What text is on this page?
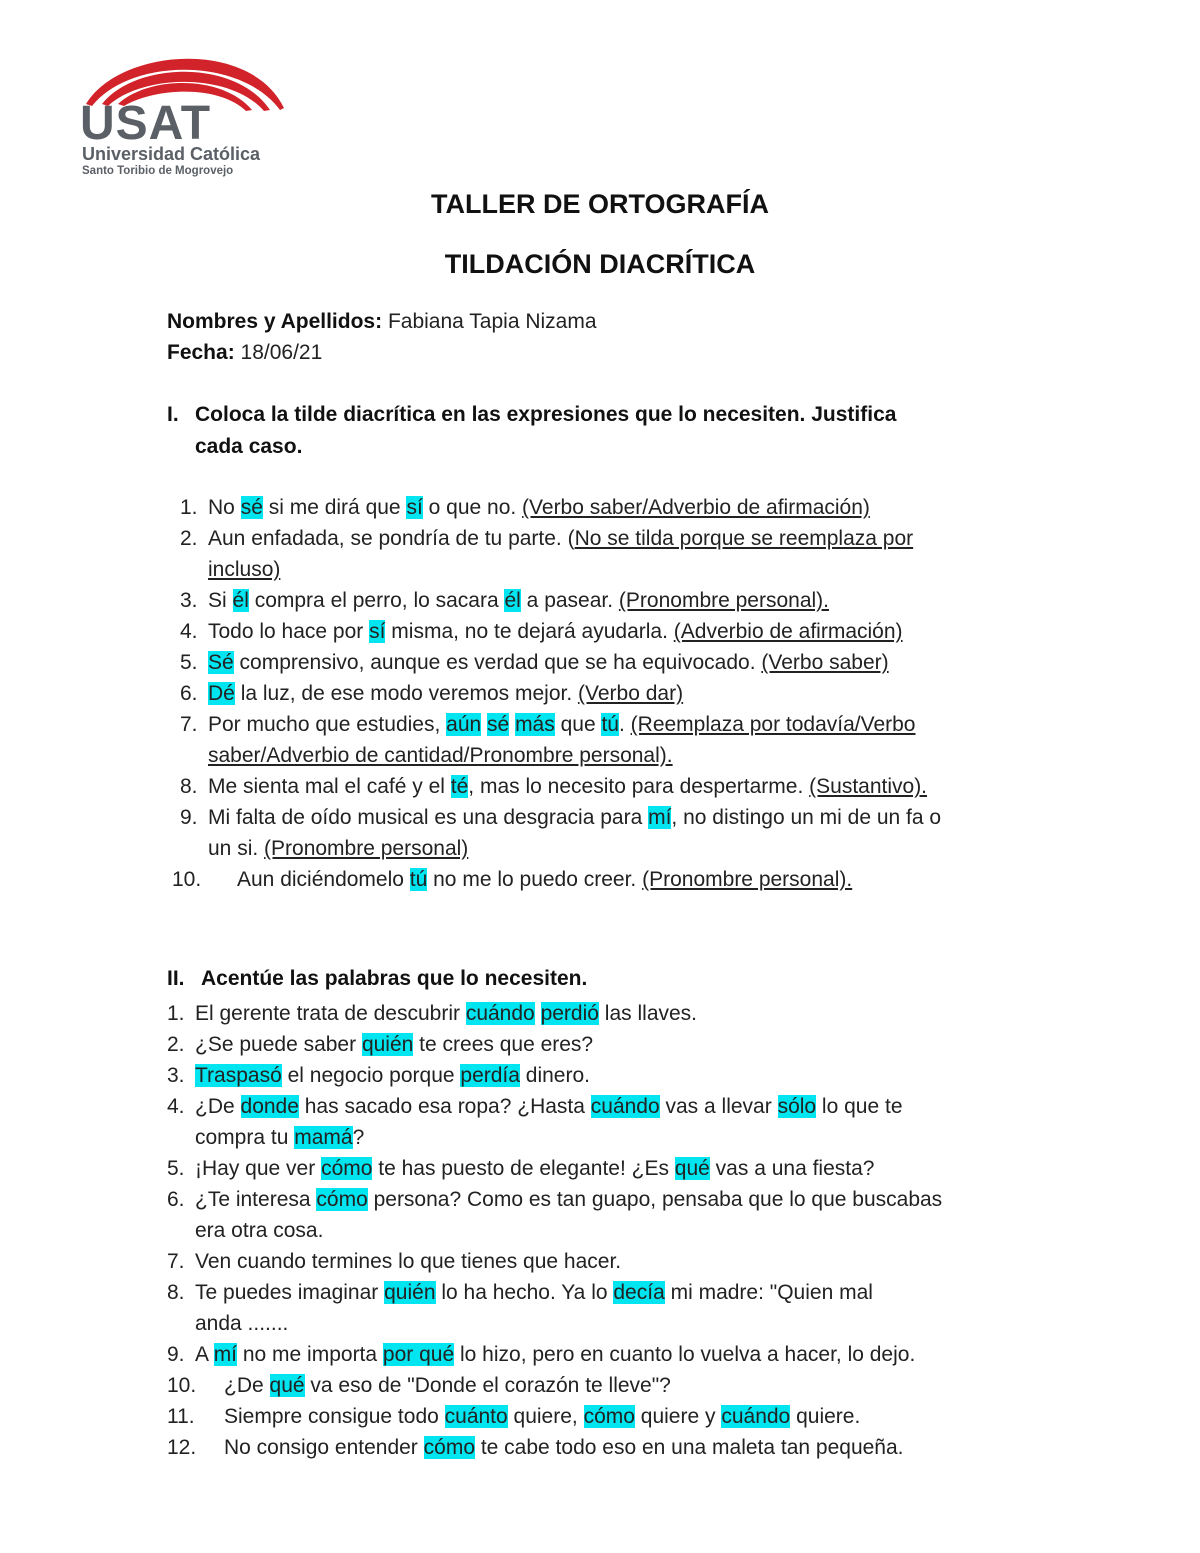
USAT
Universidad Católica
Santo Toribio de Mogrovejo
TALLER DE ORTOGRAFÍA
TILDACIÓN DIACRÍTICA
Nombres y Apellidos: Fabiana Tapia Nizama
Fecha: 18/06/21
I. Coloca la tilde diacrítica en las expresiones que lo necesiten. Justifica
cada caso.
1. No sé si me dirá que sí o que no. (Verbo saber/Adverbio de afirmación)
2. Aun enfadada, se pondría de tu parte. (No se tilda porque se reemplaza por
incluso)
3. Si él compra el perro, lo sacara él a pasear. (Pronombre personal).
4. Todo lo hace por sí misma, no te dejará ayudarla. (Adverbio de afirmación)
5. Sé comprensivo, aunque es verdad que se ha equivocado. (Verbo saber)
6. Dé la luz, de ese modo veremos mejor. (Verbo dar)
7. Por mucho que estudies, aún sé más que tú. (Reemplaza por todavía/Verbo
saber/Adverbio de cantidad/Pronombre personal).
8. Me sienta mal el café y el té, mas lo necesito para despertarme. (Sustantivo).
9. Mi falta de oído musical es una desgracia para mí, no distingo un mi de un fa o
un si. (Pronombre personal)
10. Aun diciéndomelo tú no me lo puedo creer. (Pronombre personal).
II. Acentúe las palabras que lo necesiten.
1. El gerente trata de descubrir cuándo perdió las llaves.
2. ¿Se puede saber quién te crees que eres?
3. Traspasó el negocio porque perdía dinero.
4. ¿De donde has sacado esa ropa? ¿Hasta cuándo vas a llevar sólo lo que te
compra tu mamá?
5. ¡Hay que ver cómo te has puesto de elegante! ¿Es qué vas a una fiesta?
6. ¿Te interesa cómo persona? Como es tan guapo, pensaba que lo que buscabas
era otra cosa.
7. Ven cuando termines lo que tienes que hacer.
8. Te puedes imaginar quién lo ha hecho. Ya lo decía mi madre: "Quien mal
anda .......
9. A mí no me importa por qué lo hizo, pero en cuanto lo vuelva a hacer, lo dejo.
10. ¿De qué va eso de "Donde el corazón te lleve"?
11. Siempre consigue todo cuánto quiere, cómo quiere y cuándo quiere.
12. No consigo entender cómo te cabe todo eso en una maleta tan pequeña.
